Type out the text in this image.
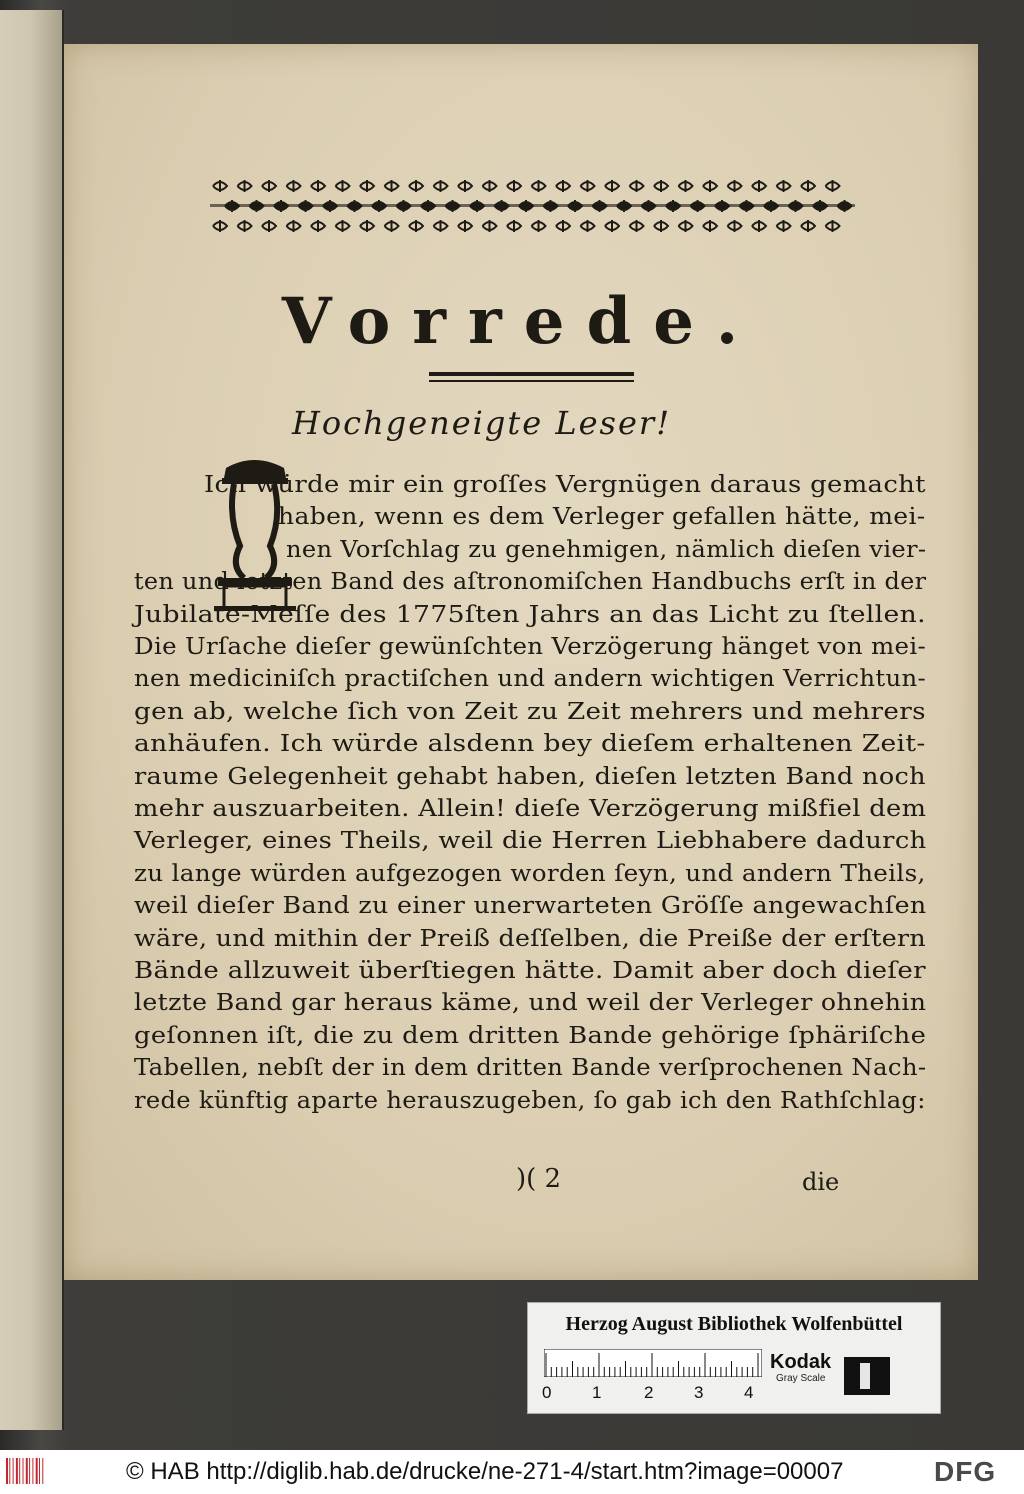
Vorrede.
Hochgeneigte Leser!
Ich würde mir ein groſſes Vergnügen daraus gemacht
haben, wenn es dem Verleger gefallen hätte, mei-
nen Vorſchlag zu genehmigen, nämlich dieſen vier-
ten und letzten Band des aſtronomiſchen Handbuchs erſt in der
Jubilate-Meſſe des 1775ſten Jahrs an das Licht zu ſtellen.
Die Urſache dieſer gewünſchten Verzögerung hänget von mei-
nen mediciniſch practiſchen und andern wichtigen Verrichtun-
gen ab, welche ſich von Zeit zu Zeit mehrers und mehrers
anhäufen. Ich würde alsdenn bey dieſem erhaltenen Zeit-
raume Gelegenheit gehabt haben, dieſen letzten Band noch
mehr auszuarbeiten. Allein! dieſe Verzögerung mißfiel dem
Verleger, eines Theils, weil die Herren Liebhabere dadurch
zu lange würden aufgezogen worden ſeyn, und andern Theils,
weil dieſer Band zu einer unerwarteten Gröſſe angewachſen
wäre, und mithin der Preiß deſſelben, die Preiße der erſtern
Bände allzuweit überſtiegen hätte. Damit aber doch dieſer
letzte Band gar heraus käme, und weil der Verleger ohnehin
geſonnen iſt, die zu dem dritten Bande gehörige ſphäriſche
Tabellen, nebſt der in dem dritten Bande verſprochenen Nach-
rede künftig aparte herauszugeben, ſo gab ich den Rathſchlag:
)( 2	die
Herzog August Bibliothek Wolfenbüttel
0 1	2 3 4
Kodak
Gray Scale
© HAB http://diglib.hab.de/drucke/ne-271-4/start.htm?image=00007	DFG
